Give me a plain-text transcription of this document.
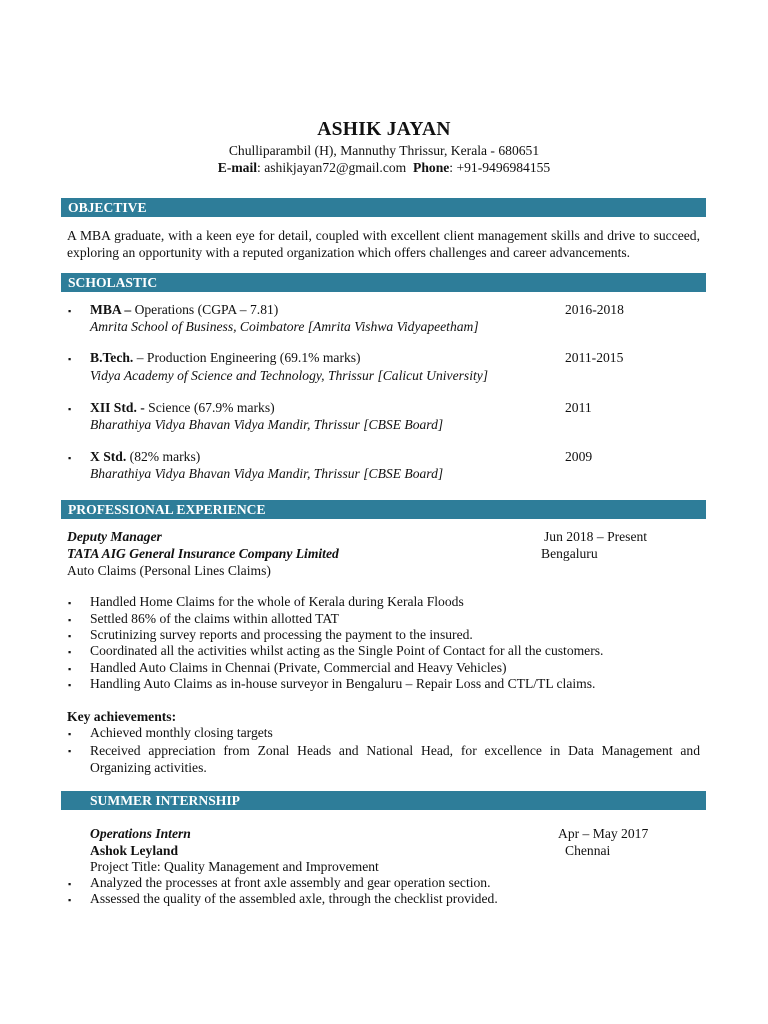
ASHIK JAYAN
Chulliparambil (H), Mannuthy Thrissur, Kerala - 680651
E-mail: ashikjayan72@gmail.com Phone: +91-9496984155
OBJECTIVE
A MBA graduate, with a keen eye for detail, coupled with excellent client management skills and drive to succeed, exploring an opportunity with a reputed organization which offers challenges and career advancements.
SCHOLASTIC
▪ MBA – Operations (CGPA – 7.81)
Amrita School of Business, Coimbatore [Amrita Vishwa Vidyapeetham]
2016-2018
▪ B.Tech. – Production Engineering (69.1% marks)
Vidya Academy of Science and Technology, Thrissur [Calicut University]
2011-2015
▪ XII Std. - Science (67.9% marks)
Bharathiya Vidya Bhavan Vidya Mandir, Thrissur [CBSE Board]
2011
▪ X Std. (82% marks)
Bharathiya Vidya Bhavan Vidya Mandir, Thrissur [CBSE Board]
2009
PROFESSIONAL EXPERIENCE
Deputy Manager
TATA AIG General Insurance Company Limited
Auto Claims (Personal Lines Claims)
Jun 2018 – Present
Bengaluru
▪ Handled Home Claims for the whole of Kerala during Kerala Floods
▪ Settled 86% of the claims within allotted TAT
▪ Scrutinizing survey reports and processing the payment to the insured.
▪ Coordinated all the activities whilst acting as the Single Point of Contact for all the customers.
▪ Handled Auto Claims in Chennai (Private, Commercial and Heavy Vehicles)
▪ Handling Auto Claims as in-house surveyor in Bengaluru – Repair Loss and CTL/TL claims.
Key achievements:
▪ Achieved monthly closing targets
▪ Received appreciation from Zonal Heads and National Head, for excellence in Data Management and Organizing activities.
SUMMER INTERNSHIP
Operations Intern
Ashok Leyland
Apr – May 2017
Chennai
Project Title: Quality Management and Improvement
▪ Analyzed the processes at front axle assembly and gear operation section.
▪ Assessed the quality of the assembled axle, through the checklist provided.
